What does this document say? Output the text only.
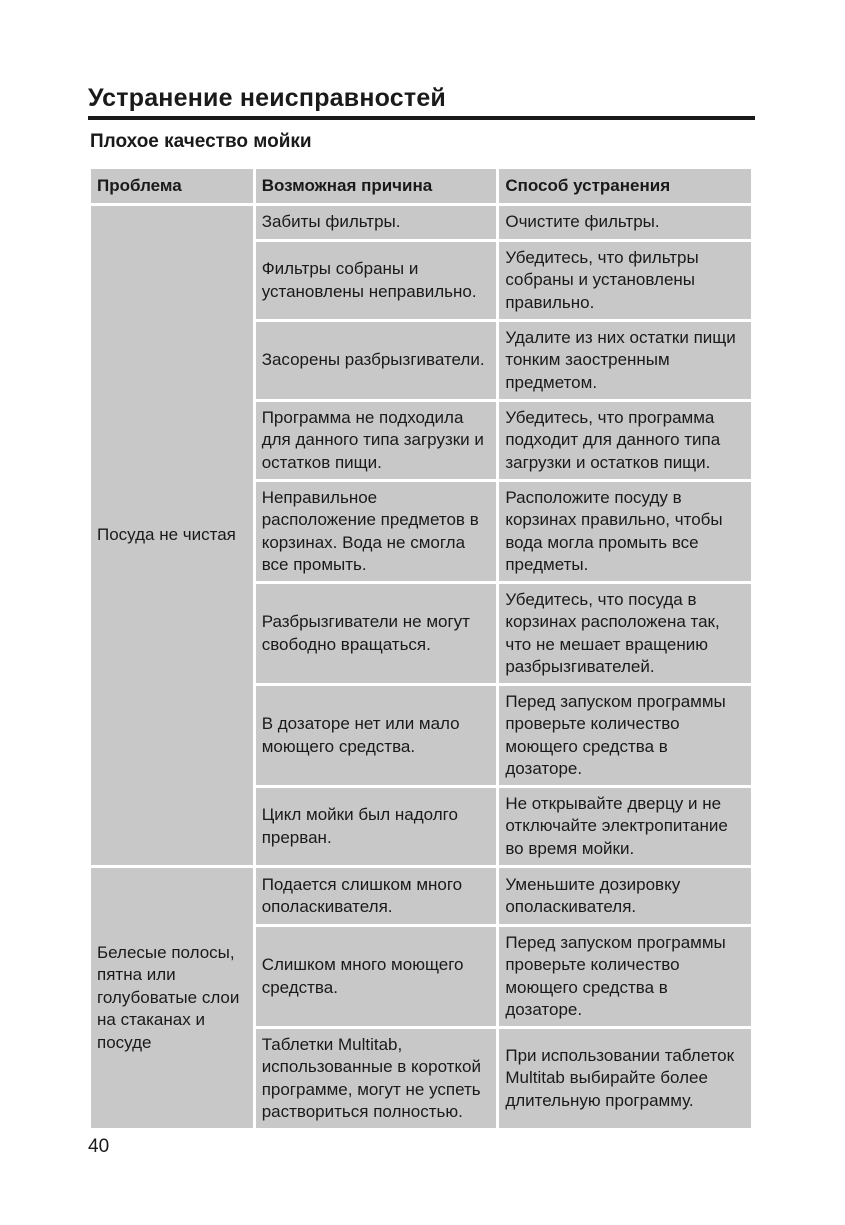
Устранение неисправностей
Плохое качество мойки
Проблема	Возможная причина	Способ устранения
Посуда не чистая	Забиты фильтры.	Очистите фильтры.
	Фильтры собраны и установлены неправильно.	Убедитесь, что фильтры собраны и установлены правильно.
	Засорены разбрызгиватели.	Удалите из них остатки пищи тонким заостренным предметом.
	Программа не подходила для данного типа загрузки и остатков пищи.	Убедитесь, что программа подходит для данного типа загрузки и остатков пищи.
	Неправильное расположение предметов в корзинах. Вода не смогла все промыть.	Расположите посуду в корзинах правильно, чтобы вода могла промыть все предметы.
	Разбрызгиватели не могут свободно вращаться.	Убедитесь, что посуда в корзинах расположена так, что не мешает вращению разбрызгивателей.
	В дозаторе нет или мало моющего средства.	Перед запуском программы проверьте количество моющего средства в дозаторе.
	Цикл мойки был надолго прерван.	Не открывайте дверцу и не отключайте электропитание во время мойки.
Белесые полосы, пятна или голубоватые слои на стаканах и посуде	Подается слишком много ополаскивателя.	Уменьшите дозировку ополаскивателя.
	Слишком много моющего средства.	Перед запуском программы проверьте количество моющего средства в дозаторе.
	Таблетки Multitab, использованные в короткой программе, могут не успеть раствориться полностью.	При использовании таблеток Multitab выбирайте более длительную программу.
40
